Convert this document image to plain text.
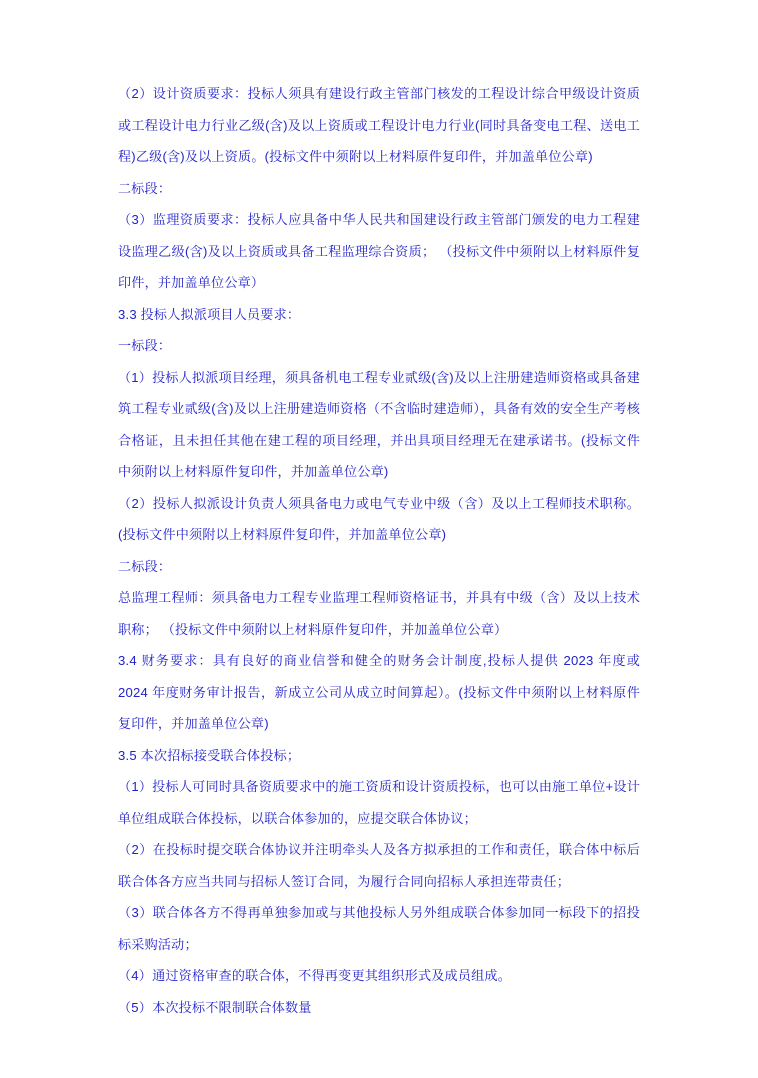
（2）设计资质要求：投标人须具有建设行政主管部门核发的工程设计综合甲级设计资质或工程设计电力行业乙级(含)及以上资质或工程设计电力行业(同时具备变电工程、送电工程)乙级(含)及以上资质。(投标文件中须附以上材料原件复印件，并加盖单位公章)

二标段：

（3）监理资质要求：投标人应具备中华人民共和国建设行政主管部门颁发的电力工程建设监理乙级(含)及以上资质或具备工程监理综合资质； （投标文件中须附以上材料原件复印件，并加盖单位公章）

3.3 投标人拟派项目人员要求：

一标段：

（1）投标人拟派项目经理，须具备机电工程专业贰级(含)及以上注册建造师资格或具备建筑工程专业贰级(含)及以上注册建造师资格（不含临时建造师），具备有效的安全生产考核合格证，且未担任其他在建工程的项目经理，并出具项目经理无在建承诺书。(投标文件中须附以上材料原件复印件，并加盖单位公章)

（2）投标人拟派设计负责人须具备电力或电气专业中级（含）及以上工程师技术职称。(投标文件中须附以上材料原件复印件，并加盖单位公章)

二标段：

总监理工程师：须具备电力工程专业监理工程师资格证书，并具有中级（含）及以上技术职称； （投标文件中须附以上材料原件复印件，并加盖单位公章）

3.4 财务要求：具有良好的商业信誉和健全的财务会计制度,投标人提供 2023 年度或 2024 年度财务审计报告，新成立公司从成立时间算起）。(投标文件中须附以上材料原件复印件，并加盖单位公章)

3.5 本次招标接受联合体投标；

（1）投标人可同时具备资质要求中的施工资质和设计资质投标，也可以由施工单位+设计单位组成联合体投标，以联合体参加的，应提交联合体协议；

（2）在投标时提交联合体协议并注明牵头人及各方拟承担的工作和责任，联合体中标后联合体各方应当共同与招标人签订合同，为履行合同向招标人承担连带责任；

（3）联合体各方不得再单独参加或与其他投标人另外组成联合体参加同一标段下的招投标采购活动；

（4）通过资格审查的联合体，不得再变更其组织形式及成员组成。

（5）本次投标不限制联合体数量
